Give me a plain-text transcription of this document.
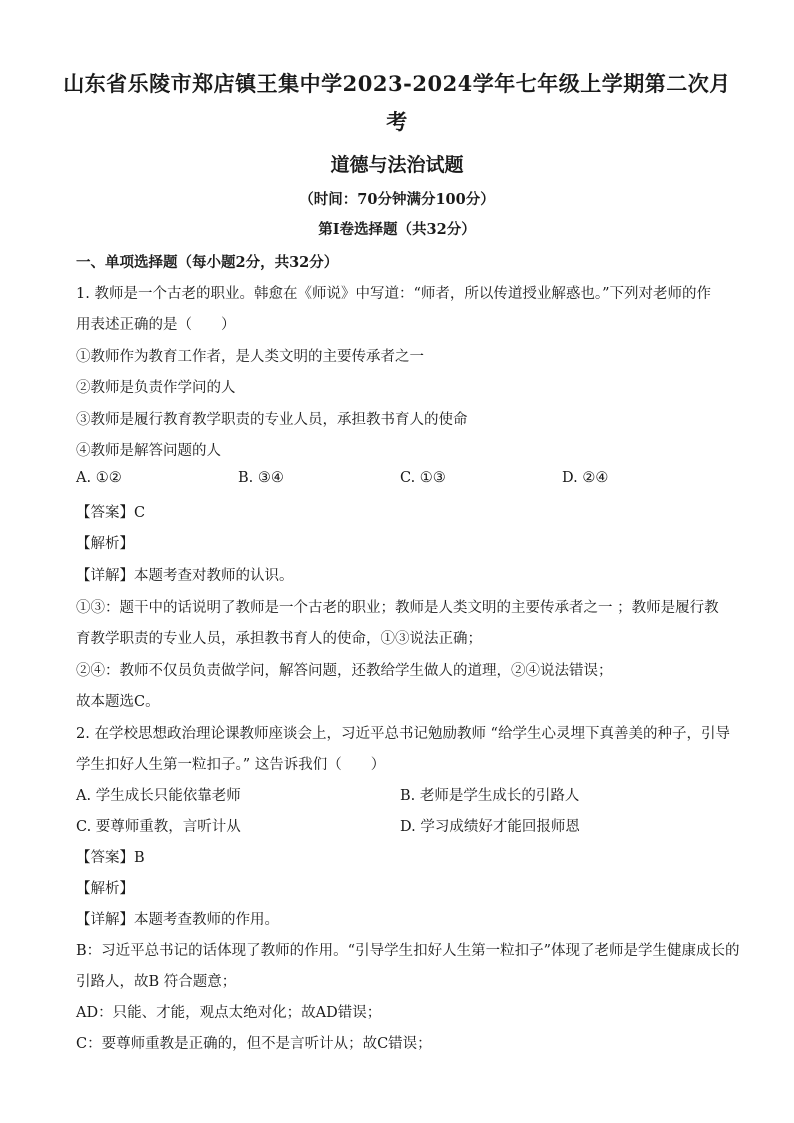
山东省乐陵市郑店镇王集中学2023-2024学年七年级上学期第二次月
考
道德与法治试题
（时间：70分钟满分100分）
第Ⅰ卷选择题（共32分）
一、单项选择题（每小题2分，共32分）
1. 教师是一个古老的职业。韩愈在《师说》中写道：“师者，所以传道授业解惑也。”下列对老师的作
用表述正确的是（　　）
①教师作为教育工作者，是人类文明的主要传承者之一
②教师是负责作学问的人
③教师是履行教育教学职责的专业人员，承担教书育人的使命
④教师是解答问题的人
A. ①②	B. ③④	C. ①③	D. ②④
【答案】C
【解析】
【详解】本题考查对教师的认识。
①③：题干中的话说明了教师是一个古老的职业；教师是人类文明的主要传承者之一 ；教师是履行教
育教学职责的专业人员，承担教书育人的使命，①③说法正确；
②④：教师不仅员负责做学问，解答问题，还教给学生做人的道理，②④说法错误；
故本题选C。
2. 在学校思想政治理论课教师座谈会上，习近平总书记勉励教师 “给学生心灵埋下真善美的种子，引导
学生扣好人生第一粒扣子。” 这告诉我们（　　）
A. 学生成长只能依靠老师	B. 老师是学生成长的引路人
C. 要尊师重教，言听计从	D. 学习成绩好才能回报师恩
【答案】B
【解析】
【详解】本题考查教师的作用。
B：习近平总书记的话体现了教师的作用。“引导学生扣好人生第一粒扣子”体现了老师是学生健康成长的
引路人，故B 符合题意；
AD：只能、才能，观点太绝对化；故AD错误；
C：要尊师重教是正确的，但不是言听计从；故C错误；
